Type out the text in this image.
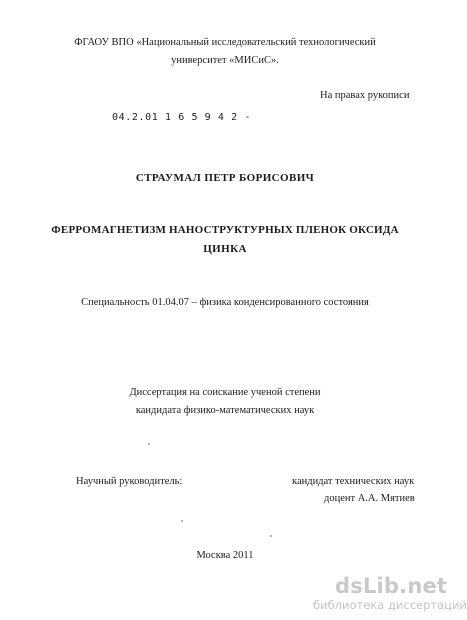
ФГАОУ ВПО «Национальный исследовательский технологический
университет «МИСиС».
На правах рукописи
04.2.01 1 6 5 9 4 2 -
СТРАУМАЛ ПЕТР БОРИСОВИЧ
ФЕРРОМАГНЕТИЗМ НАНОСТРУКТУРНЫХ ПЛЕНОК ОКСИДА
ЦИНКА
Специальность 01.04.07 – физика конденсированного состояния
Диссертация на соискание ученой степени
кандидата физико-математических наук
Научный руководитель:	кандидат технических наук
доцент А.А. Мятиев
Москва 2011
dsLib.net
библиотека диссертаций
